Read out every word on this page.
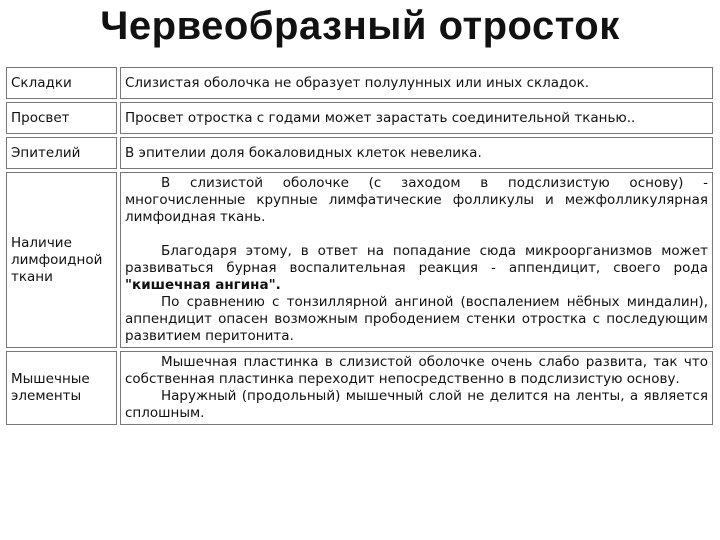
Червеобразный отросток
Складки	Слизистая оболочка не образует полулунных или иных складок.
Просвет	Просвет отростка с годами может зарастать соединительной тканью..
Эпителий	В эпителии доля бокаловидных клеток невелика.
Наличие лимфоидной ткани	В слизистой оболочке (с заходом в подслизистую основу) - многочисленные крупные лимфатические фолликулы и межфолликулярная лимфоидная ткань.

Благодаря этому, в ответ на попадание сюда микроорганизмов может развиваться бурная воспалительная реакция - аппендицит, своего рода "кишечная ангина".

По сравнению с тонзиллярной ангиной (воспалением нёбных миндалин), аппендицит опасен возможным прободением стенки отростка с последующим развитием перитонита.

Мышечные элементы	Мышечная пластинка в слизистой оболочке очень слабо развита, так что собственная пластинка переходит непосредственно в подслизистую основу.

Наружный (продольный) мышечный слой не делится на ленты, а является сплошным.
